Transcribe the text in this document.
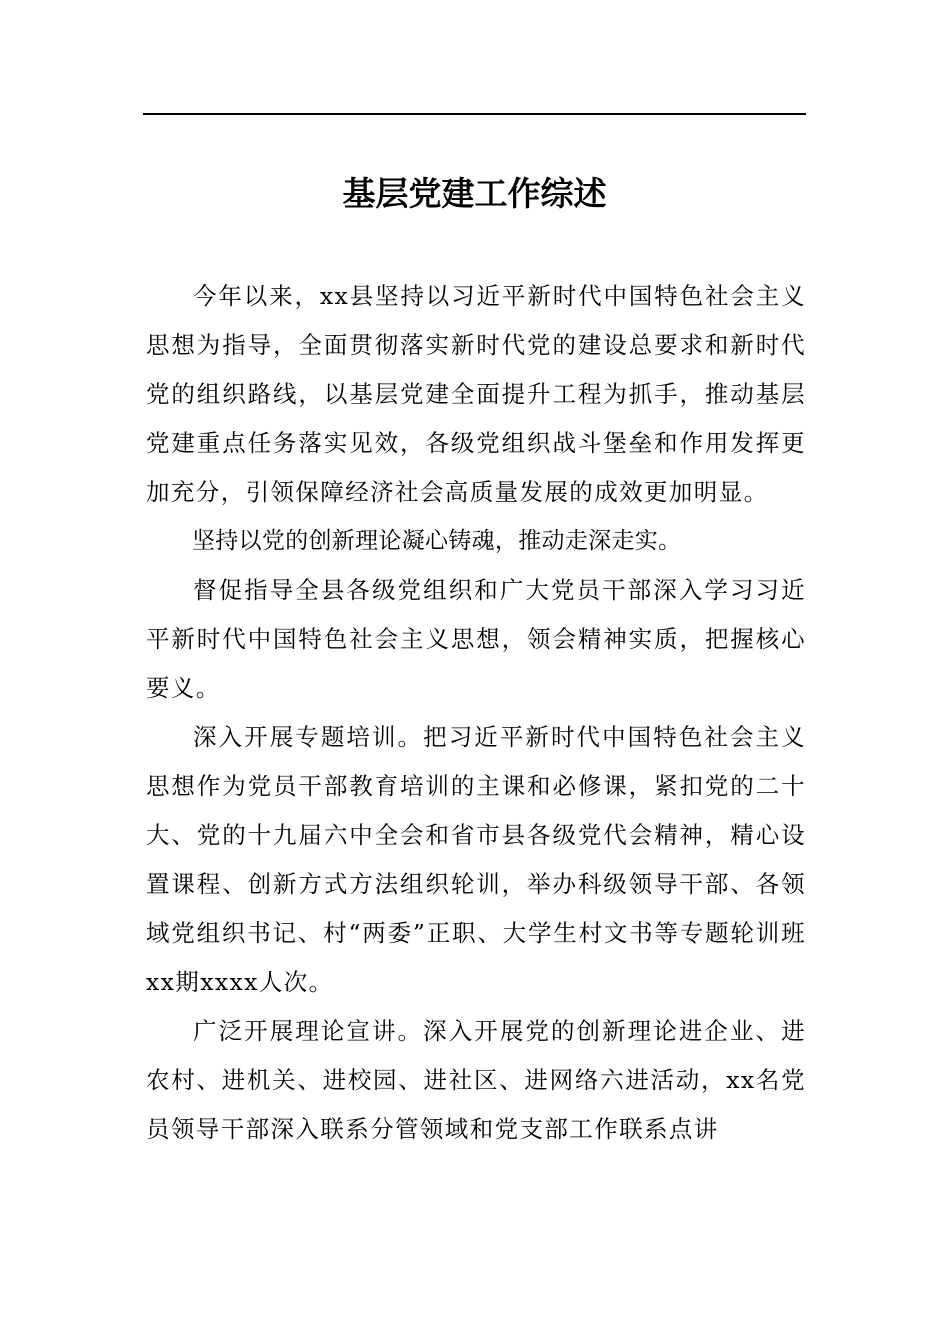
基层党建工作综述

今年以来，xx县坚持以习近平新时代中国特色社会主义思想为指导，全面贯彻落实新时代党的建设总要求和新时代党的组织路线，以基层党建全面提升工程为抓手，推动基层党建重点任务落实见效，各级党组织战斗堡垒和作用发挥更加充分，引领保障经济社会高质量发展的成效更加明显。

坚持以党的创新理论凝心铸魂，推动走深走实。

督促指导全县各级党组织和广大党员干部深入学习习近平新时代中国特色社会主义思想，领会精神实质，把握核心要义。

深入开展专题培训。把习近平新时代中国特色社会主义思想作为党员干部教育培训的主课和必修课，紧扣党的二十大、党的十九届六中全会和省市县各级党代会精神，精心设置课程、创新方式方法组织轮训，举办科级领导干部、各领域党组织书记、村“两委”正职、大学生村文书等专题轮训班xx期xxxx人次。

广泛开展理论宣讲。深入开展党的创新理论进企业、进农村、进机关、进校园、进社区、进网络六进活动，xx名党员领导干部深入联系分管领域和党支部工作联系点讲
